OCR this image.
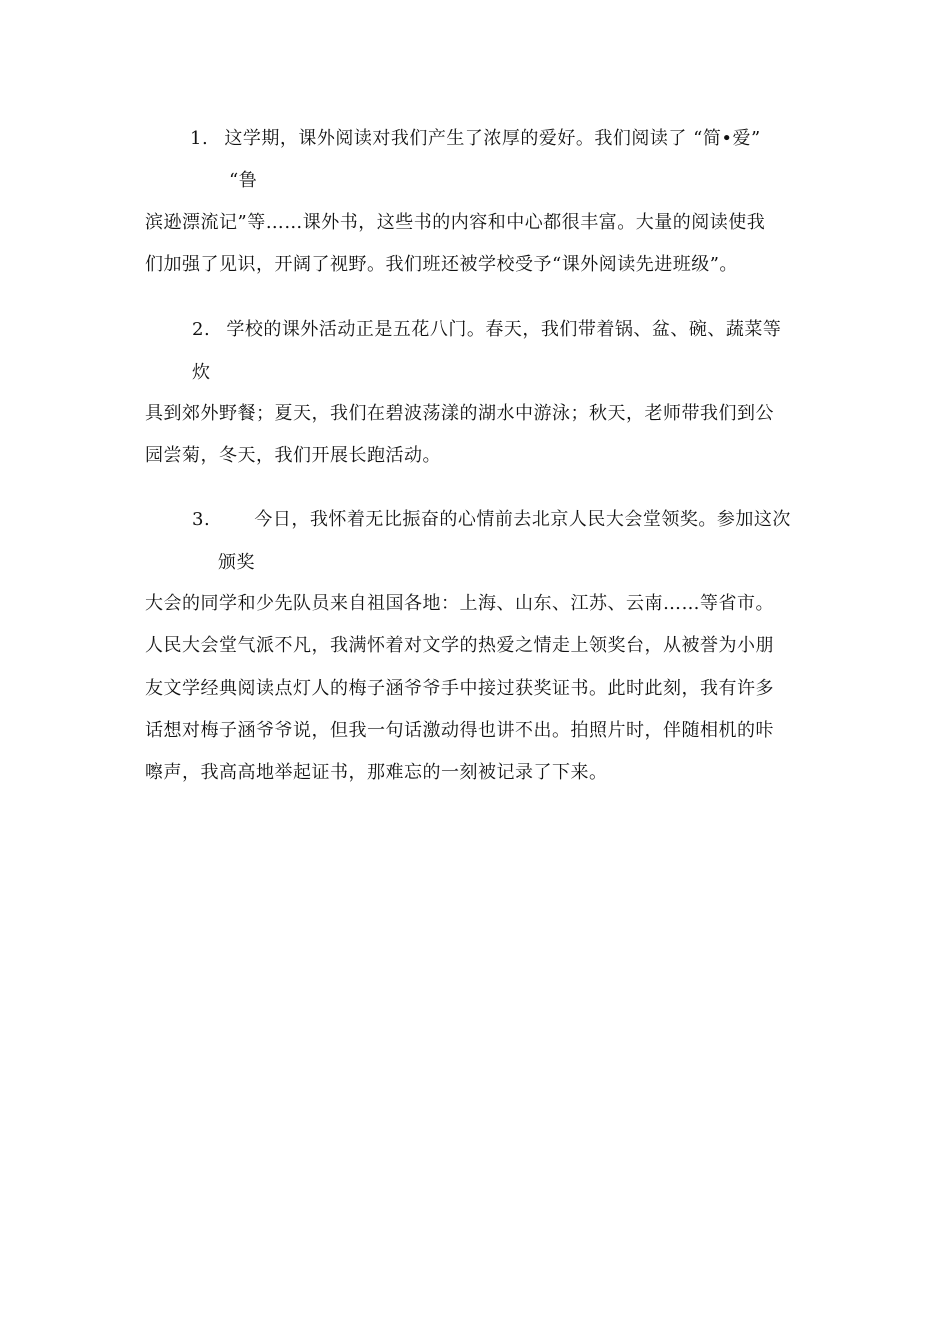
1. 这学期，课外阅读对我们产生了浓厚的爱好。我们阅读了 “简•爱”
“鲁
滨逊漂流记”等……课外书，这些书的内容和中心都很丰富。大量的阅读使我
们加强了见识，开阔了视野。我们班还被学校受予“课外阅读先进班级”。
2. 学校的课外活动正是五花八门。春天，我们带着锅、盆、碗、蔬菜等
炊
具到郊外野餐；夏天，我们在碧波荡漾的湖水中游泳；秋天，老师带我们到公
园尝菊，冬天，我们开展长跑活动。
3. 今日，我怀着无比振奋的心情前去北京人民大会堂领奖。参加这次
颁奖
大会的同学和少先队员来自祖国各地：上海、山东、江苏、云南……等省市。
人民大会堂气派不凡，我满怀着对文学的热爱之情走上领奖台，从被誉为小朋
友文学经典阅读点灯人的梅子涵爷爷手中接过获奖证书。此时此刻，我有许多
话想对梅子涵爷爷说，但我一句话激动得也讲不出。拍照片时，伴随相机的咔
嚓声，我高高地举起证书，那难忘的一刻被记录了下来。
